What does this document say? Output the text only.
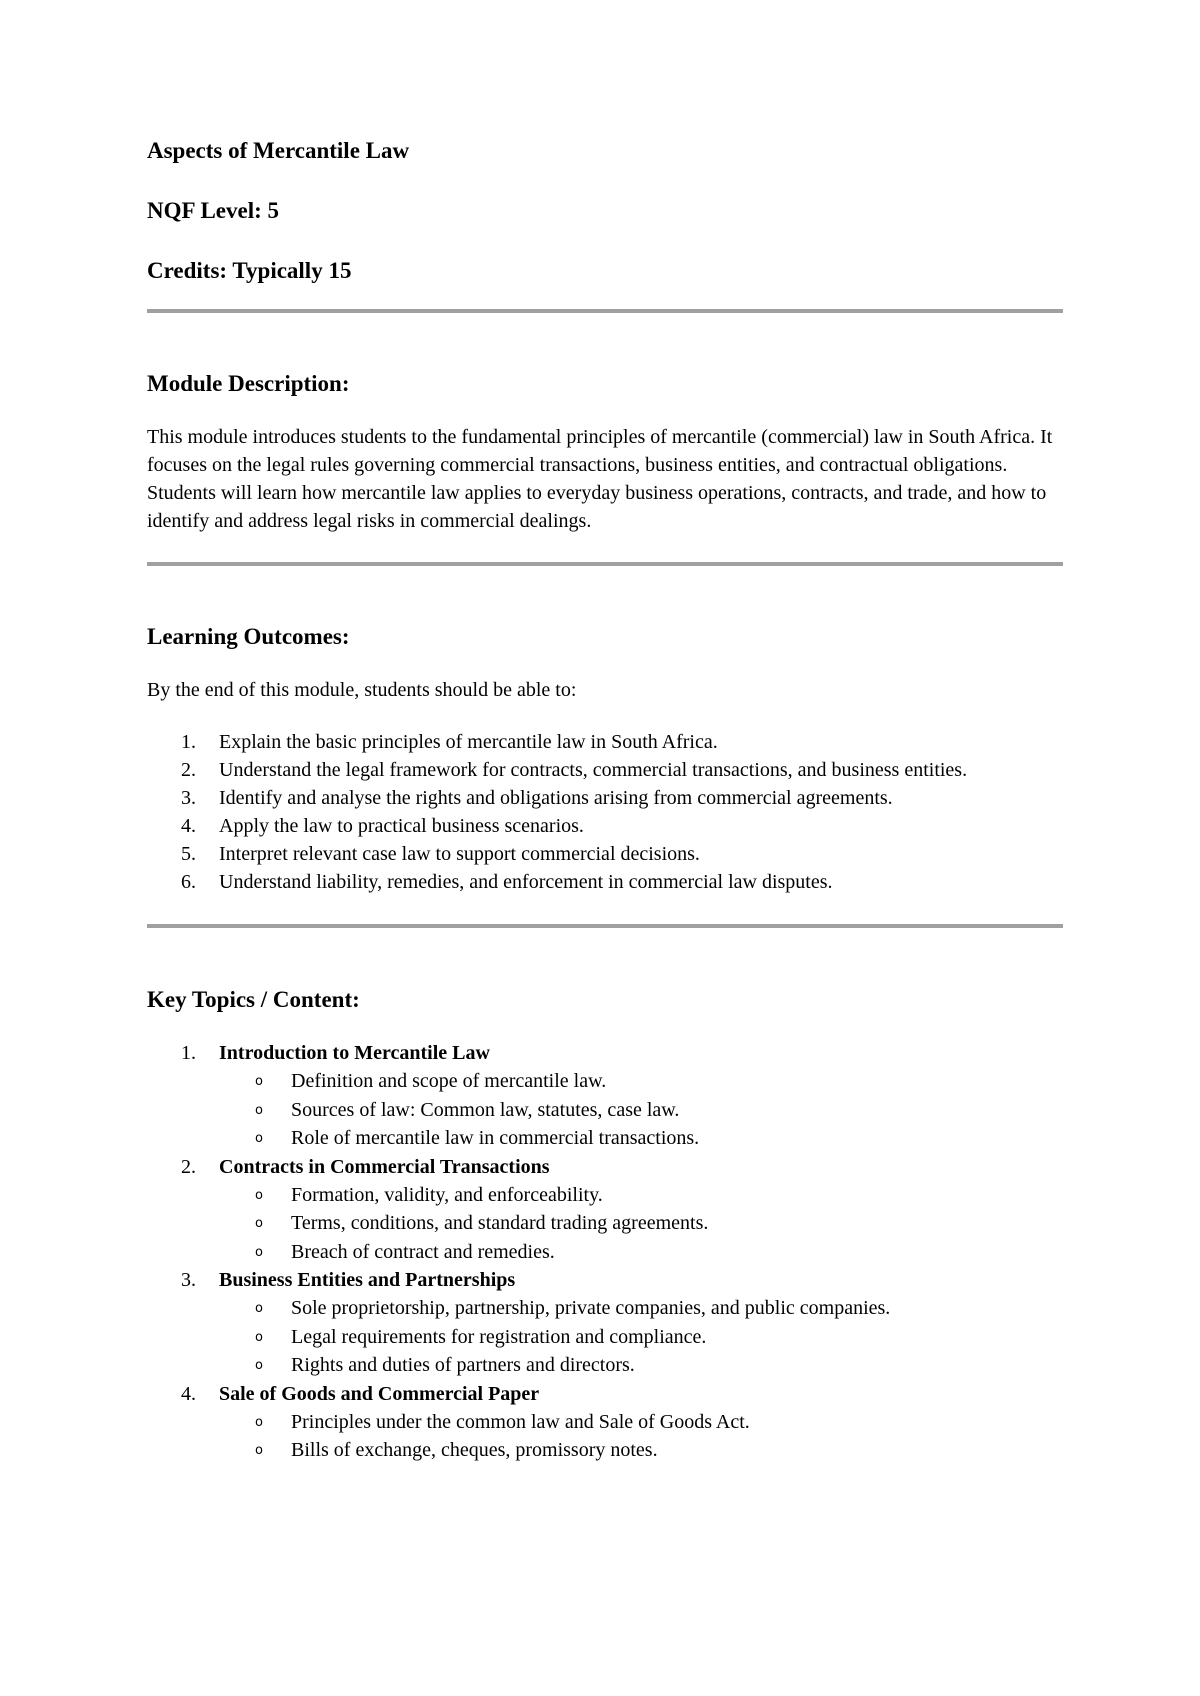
Aspects of Mercantile Law
NQF Level: 5
Credits: Typically 15
Module Description:

This module introduces students to the fundamental principles of mercantile (commercial) law in South Africa. It focuses on the legal rules governing commercial transactions, business entities, and contractual obligations. Students will learn how mercantile law applies to everyday business operations, contracts, and trade, and how to identify and address legal risks in commercial dealings.

Learning Outcomes:

By the end of this module, students should be able to:

1. Explain the basic principles of mercantile law in South Africa.
2. Understand the legal framework for contracts, commercial transactions, and business entities.
3. Identify and analyse the rights and obligations arising from commercial agreements.
4. Apply the law to practical business scenarios.
5. Interpret relevant case law to support commercial decisions.
6. Understand liability, remedies, and enforcement in commercial law disputes.
Key Topics / Content:
1. Introduction to Mercantile Law
o Definition and scope of mercantile law.
o Sources of law: Common law, statutes, case law.
o Role of mercantile law in commercial transactions.
2. Contracts in Commercial Transactions
o Formation, validity, and enforceability.
o Terms, conditions, and standard trading agreements.
o Breach of contract and remedies.
3. Business Entities and Partnerships
o Sole proprietorship, partnership, private companies, and public companies.
o Legal requirements for registration and compliance.
o Rights and duties of partners and directors.
4. Sale of Goods and Commercial Paper
o Principles under the common law and Sale of Goods Act.
o Bills of exchange, cheques, promissory notes.
